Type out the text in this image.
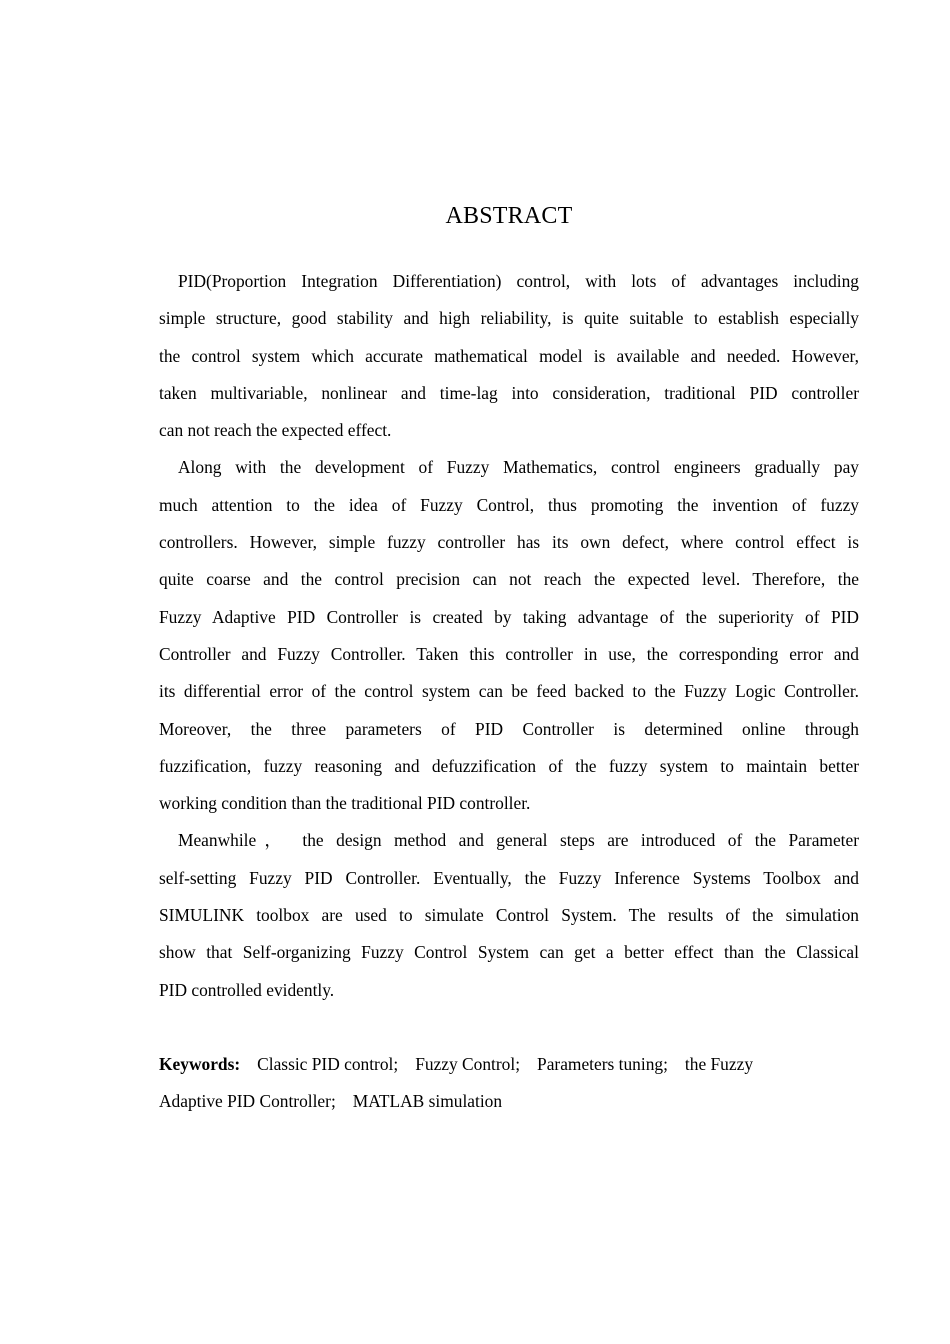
ABSTRACT
PID(Proportion Integration Differentiation) control, with lots of advantages including
simple structure, good stability and high reliability, is quite suitable to establish especially
the control system which accurate mathematical model is available and needed. However,
taken multivariable, nonlinear and time-lag into consideration, traditional PID controller
can not reach the expected effect.
Along with the development of Fuzzy Mathematics, control engineers gradually pay
much attention to the idea of Fuzzy Control, thus promoting the invention of fuzzy
controllers. However, simple fuzzy controller has its own defect, where control effect is
quite coarse and the control precision can not reach the expected level. Therefore, the
Fuzzy Adaptive PID Controller is created by taking advantage of the superiority of PID
Controller and Fuzzy Controller. Taken this controller in use, the corresponding error and
its differential error of the control system can be feed backed to the Fuzzy Logic Controller.
Moreover, the three parameters of PID Controller is determined online through
fuzzification, fuzzy reasoning and defuzzification of the fuzzy system to maintain better
working condition than the traditional PID controller.
Meanwhile， the design method and general steps are introduced of the Parameter
self-setting Fuzzy PID Controller. Eventually, the Fuzzy Inference Systems Toolbox and
SIMULINK toolbox are used to simulate Control System. The results of the simulation
show that Self-organizing Fuzzy Control System can get a better effect than the Classical
PID controlled evidently.
Keywords: Classic PID control; Fuzzy Control; Parameters tuning; the Fuzzy
Adaptive PID Controller; MATLAB simulation
